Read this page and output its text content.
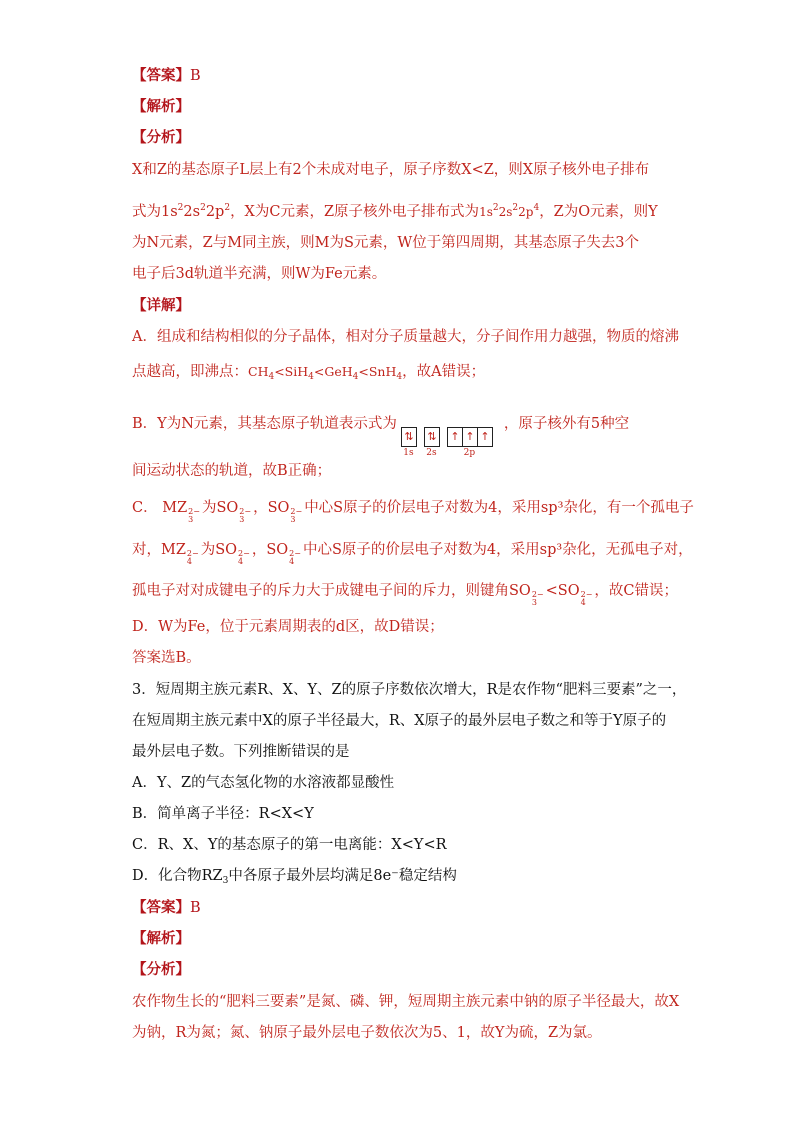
【答案】B
【解析】
【分析】
X和Z的基态原子L层上有2个未成对电子，原子序数X<Z，则X原子核外电子排布
式为$1s^22s^22p^2$，X为C元素，Z原子核外电子排布式为$1s^22s^22p^4$，Z为O元素，则Y
为N元素，Z与M同主族，则M为S元素，W位于第四周期，其基态原子失去3个
电子后3d轨道半充满，则W为Fe元素。
【详解】
A．组成和结构相似的分子晶体，相对分子质量越大，分子间作用力越强，物质的熔沸
点越高，即沸点：$CH_4<SiH_4<GeH_4<SnH_4$，故A错误；
B．Y为N元素，其基态原子轨道表示式为⇅
1s
⇅
2s
↑ ↑ ↑
2p
，原子核外有5种空
间运动状态的轨道，故B正确；
C． MZ 2−
3
为SO 2−
3
，SO 2−
3
中心S原子的价层电子对数为4，采用sp³杂化，有一个孤电子
对，MZ 2−
4
为SO 2−
4
，SO 2−
4
中心S原子的价层电子对数为4，采用sp³杂化，无孤电子对，
孤电子对对成键电子的斥力大于成键电子间的斥力，则键角SO 2−
3
<SO 2−
4
，故C错误；
D．W为Fe，位于元素周期表的d区，故D错误；
答案选B。
3．短周期主族元素R、X、Y、Z的原子序数依次增大，R是农作物“肥料三要素”之一，
在短周期主族元素中X的原子半径最大，R、X原子的最外层电子数之和等于Y原子的
最外层电子数。下列推断错误的是
A．Y、Z的气态氢化物的水溶液都显酸性
B．简单离子半径：R<X<Y
C．R、X、Y的基态原子的第一电离能：X<Y<R
D．化合物$RZ_3$中各原子最外层均满足8e⁻稳定结构
【答案】B
【解析】
【分析】
农作物生长的“肥料三要素”是氮、磷、钾，短周期主族元素中钠的原子半径最大，故X
为钠，R为氮；氮、钠原子最外层电子数依次为5、1，故Y为硫，Z为氯。
